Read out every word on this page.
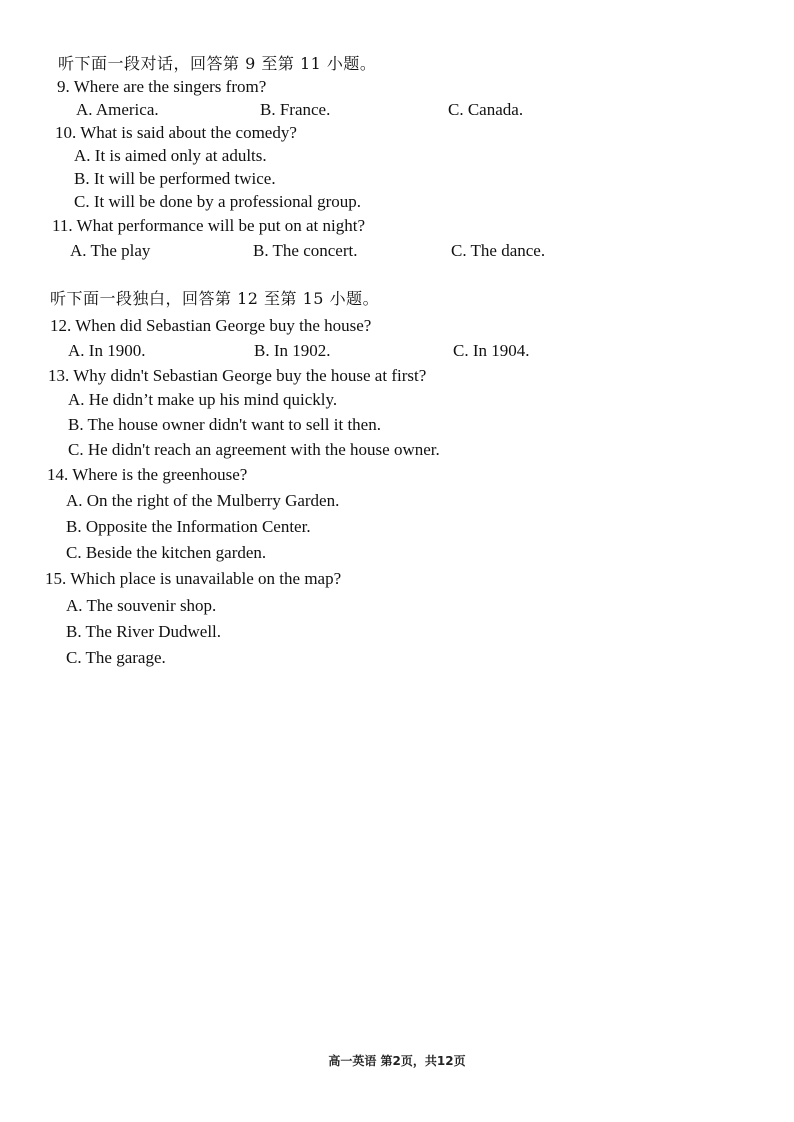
听下面一段对话，回答第 9 至第 11 小题。
9. Where are the singers from?
A. America.	B. France.	C. Canada.
10. What is said about the comedy?
A. It is aimed only at adults.
B. It will be performed twice.
C. It will be done by a professional group.
11. What performance will be put on at night?
A. The play	B. The concert.	C. The dance.
听下面一段独白，回答第 12 至第 15 小题。
12. When did Sebastian George buy the house?
A. In 1900.	B. In 1902.	C. In 1904.
13. Why didn't Sebastian George buy the house at first?
A. He didn’t make up his mind quickly.
B. The house owner didn't want to sell it then.
C. He didn't reach an agreement with the house owner.
14. Where is the greenhouse?
A. On the right of the Mulberry Garden.
B. Opposite the Information Center.
C. Beside the kitchen garden.
15. Which place is unavailable on the map?
A. The souvenir shop.
B. The River Dudwell.
C. The garage.
高一英语 第2页，共12页
